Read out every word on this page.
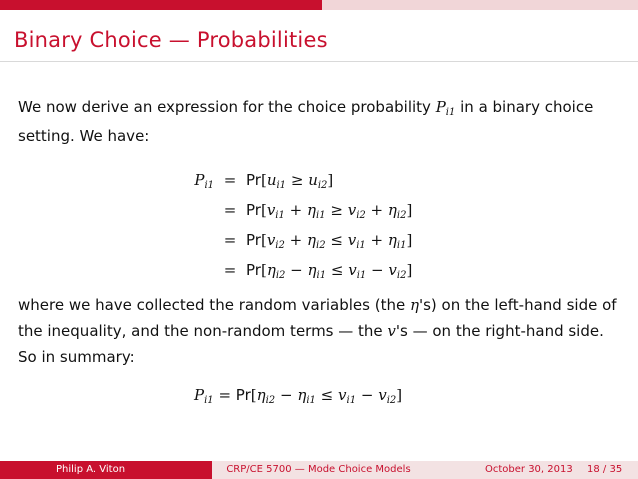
Binary Choice — Probabilities
We now derive an expression for the choice probability $P_{i1}$ in a binary choice setting. We have:
$P_{i1}$	=	$Pr[u_{i1} \ge u_{i2}]$
	=	$Pr[v_{i1} + \eta_{i1} \ge v_{i2} + \eta_{i2}]$
	=	$Pr[v_{i2} + \eta_{i2} \le v_{i1} + \eta_{i1}]$
	=	$Pr[\eta_{i2} - \eta_{i1} \le v_{i1} - v_{i2}]$
where we have collected the random variables (the η's) on the left-hand side of the inequality, and the non-random terms — the v's — on the right-hand side. So in summary:
$P_{i1} = Pr[\eta_{i2} - \eta_{i1} \le v_{i1} - v_{i2}]$
Philip A. Viton	CRP/CE 5700 — Mode Choice Models	October 30, 2013 18 / 35
